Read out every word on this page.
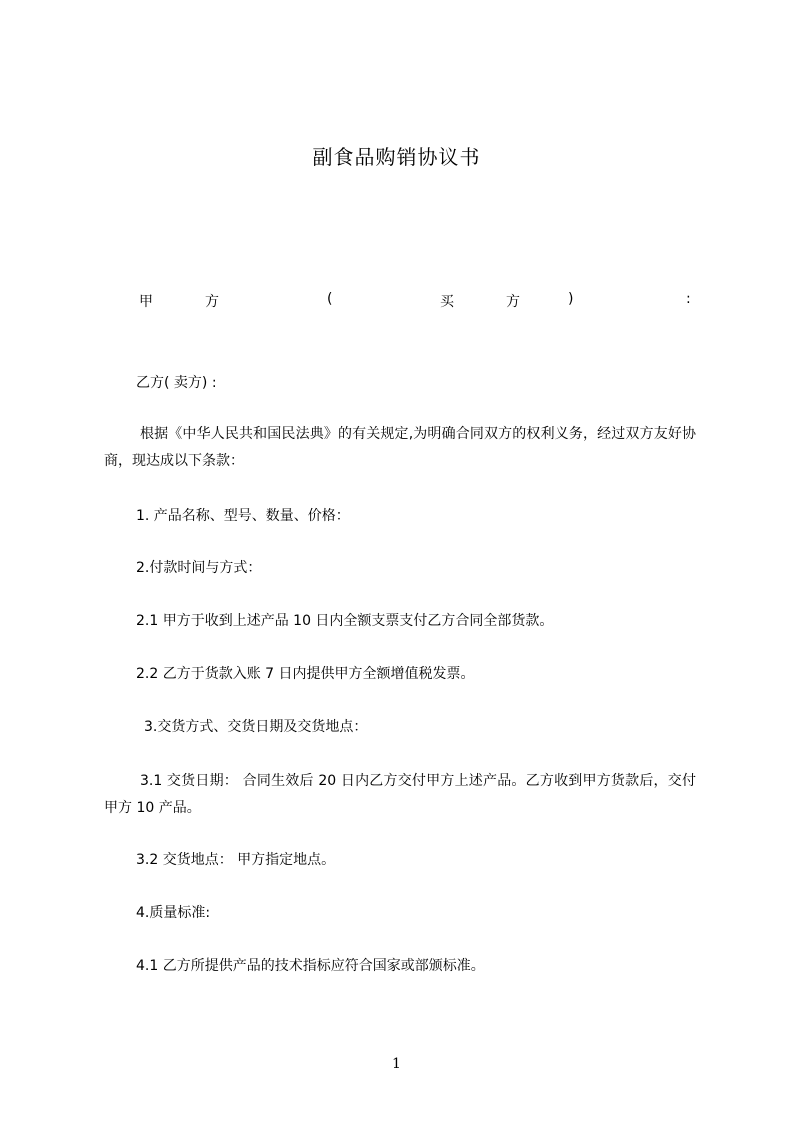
副食品购销协议书
甲	方	(	买	方	)	:
乙方( 卖方) :
根据《中华人民共和国民法典》的有关规定,为明确合同双方的权利义务，经过双方友好协商，现达成以下条款：
1. 产品名称、型号、数量、价格：
2.付款时间与方式：
2.1 甲方于收到上述产品 10 日内全额支票支付乙方合同全部货款。
2.2 乙方于货款入账 7 日内提供甲方全额增值税发票。
3.交货方式、交货日期及交货地点：
3.1 交货日期： 合同生效后 20 日内乙方交付甲方上述产品。乙方收到甲方货款后，交付甲方 10 产品。
3.2 交货地点： 甲方指定地点。
4.质量标准:
4.1 乙方所提供产品的技术指标应符合国家或部颁标准。
1
